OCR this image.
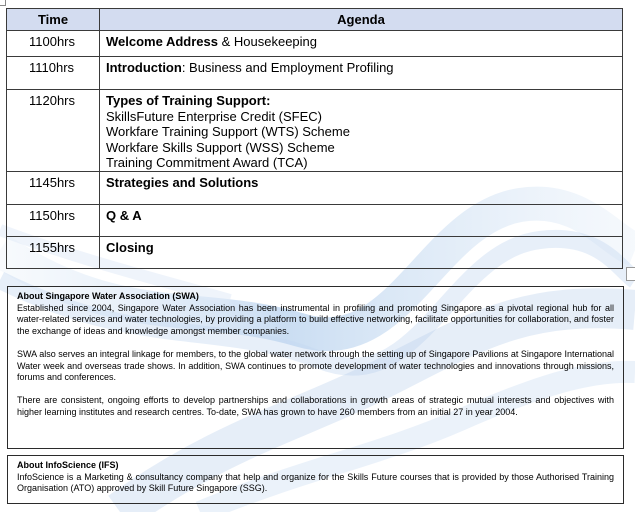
Time	Agenda
1100hrs	Welcome Address & Housekeeping
1110hrs	Introduction: Business and Employment Profiling
1120hrs	Types of Training Support:
SkillsFuture Enterprise Credit (SFEC)
Workfare Training Support (WTS) Scheme
Workfare Skills Support (WSS) Scheme
Training Commitment Award (TCA)

1145hrs	Strategies and Solutions
1150hrs	Q & A
1155hrs	Closing
About Singapore Water Association (SWA)

Established since 2004, Singapore Water Association has been instrumental in profiling and promoting Singapore as a pivotal regional hub for all water-related services and water technologies, by providing a platform to build effective networking, facilitate opportunities for collaboration, and foster the exchange of ideas and knowledge amongst member companies.

SWA also serves an integral linkage for members, to the global water network through the setting up of Singapore Pavilions at Singapore International Water week and overseas trade shows. In addition, SWA continues to promote development of water technologies and innovations through missions, forums and conferences.

There are consistent, ongoing efforts to develop partnerships and collaborations in growth areas of strategic mutual interests and objectives with higher learning institutes and research centres. To-date, SWA has grown to have 260 members from an initial 27 in year 2004.

About InfoScience (IFS)

InfoScience is a Marketing & consultancy company that help and organize for the Skills Future courses that is provided by those Authorised Training Organisation (ATO) approved by Skill Future Singapore (SSG).
